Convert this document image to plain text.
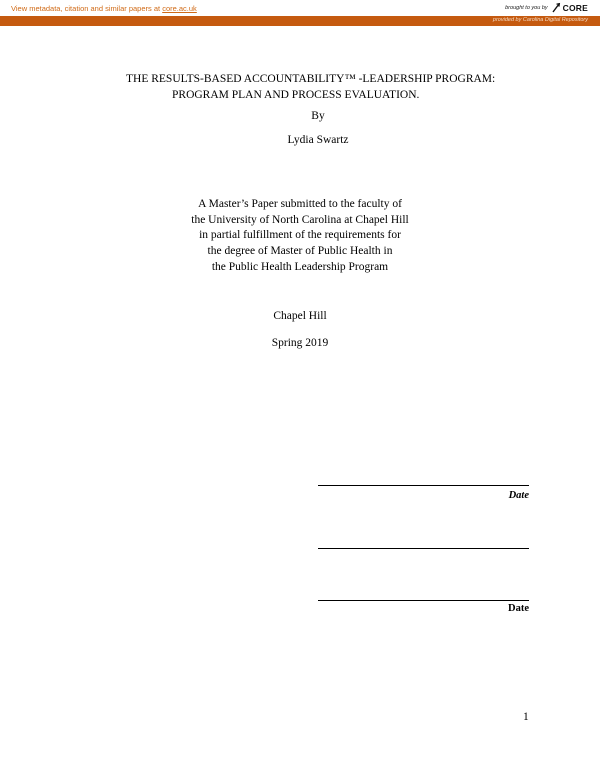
View metadata, citation and similar papers at core.ac.uk	brought to you by CORE
provided by Carolina Digital Repository
THE RESULTS-BASED ACCOUNTABILITY™ -LEADERSHIP PROGRAM:
PROGRAM PLAN AND PROCESS EVALUATION.
By
Lydia Swartz
A Master’s Paper submitted to the faculty of
the University of North Carolina at Chapel Hill
in partial fulfillment of the requirements for
the degree of Master of Public Health in
the Public Health Leadership Program
Chapel Hill
Spring 2019
Date
Date
1
